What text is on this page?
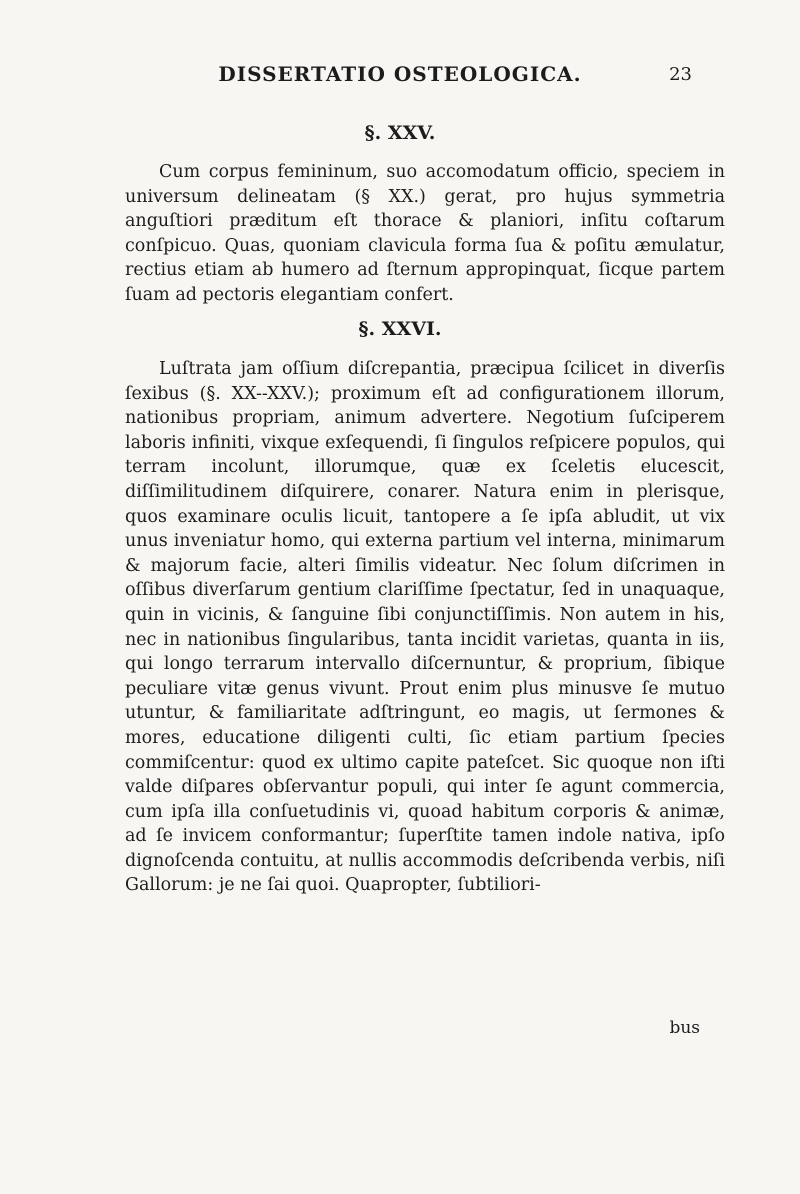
DISSERTATIO OSTEOLOGICA.	23
§. XXV.
Cum corpus femininum, suo accomodatum officio, speciem in universum delineatam (§ XX.) gerat, pro hujus symmetria anguſtiori præditum eſt thorace & planiori, inſitu coſtarum conſpicuo. Quas, quoniam clavicula forma ſua & poſitu æmulatur, rectius etiam ab humero ad ſternum appropinquat, ſicque partem ſuam ad pectoris elegantiam confert.
§. XXVI.
Luſtrata jam oſſium diſcrepantia, præcipua ſcilicet in diverſis ſexibus (§. XX--XXV.); proximum eſt ad configurationem illorum, nationibus propriam, animum advertere. Negotium ſuſciperem laboris infiniti, vixque exſequendi, ſi ſingulos reſpicere populos, qui terram incolunt, illorumque, quæ ex ſceletis elucescit, diſſimilitudinem diſquirere, conarer. Natura enim in plerisque, quos examinare oculis licuit, tantopere a ſe ipſa abludit, ut vix unus inveniatur homo, qui externa partium vel interna, minimarum & majorum facie, alteri ſimilis videatur. Nec ſolum diſcrimen in oſſibus diverſarum gentium clariſſime ſpectatur, ſed in unaquaque, quin in vicinis, & ſanguine ſibi conjunctiſſimis. Non autem in his, nec in nationibus ſingularibus, tanta incidit varietas, quanta in iis, qui longo terrarum intervallo diſcernuntur, & proprium, ſibique peculiare vitæ genus vivunt. Prout enim plus minusve ſe mutuo utuntur, & familiaritate adſtringunt, eo magis, ut ſermones & mores, educatione diligenti culti, ſic etiam partium ſpecies commiſcentur: quod ex ultimo capite pateſcet. Sic quoque non iſti valde diſpares obſervantur populi, qui inter ſe agunt commercia, cum ipſa illa conſuetudinis vi, quoad habitum corporis & animæ, ad ſe invicem conformantur; ſuperſtite tamen indole nativa, ipſo dignoſcenda contuitu, at nullis accommodis deſcribenda verbis, niſi Gallorum: je ne ſai quoi. Quapropter, ſubtiliori-
bus
